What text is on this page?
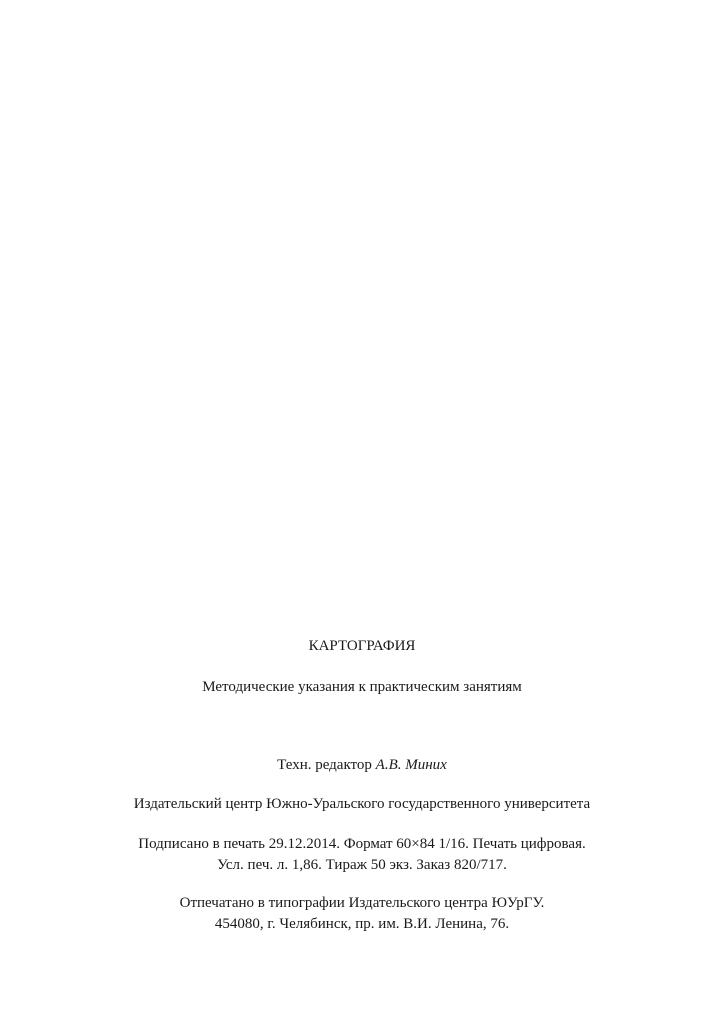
КАРТОГРАФИЯ
Методические указания к практическим занятиям
Техн. редактор А.В. Миних
Издательский центр Южно-Уральского государственного университета
Подписано в печать 29.12.2014. Формат 60×84 1/16. Печать цифровая.
Усл. печ. л. 1,86. Тираж 50 экз. Заказ 820/717.
Отпечатано в типографии Издательского центра ЮУрГУ.
454080, г. Челябинск, пр. им. В.И. Ленина, 76.
